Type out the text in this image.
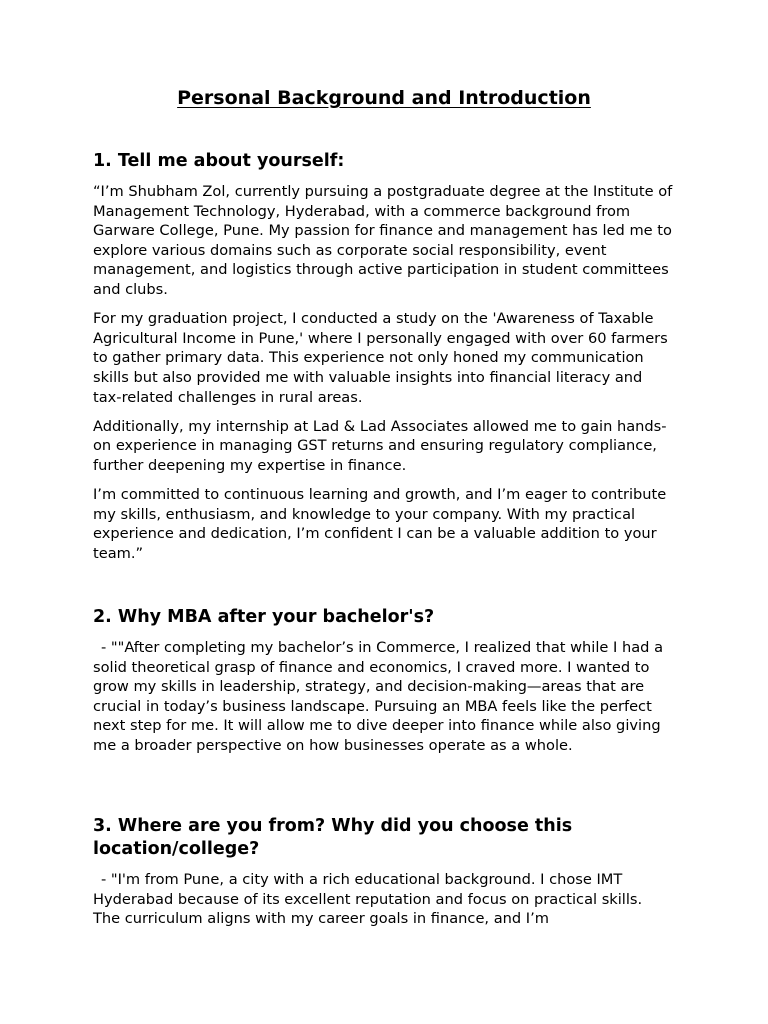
Personal Background and Introduction
1. Tell me about yourself:

“I’m Shubham Zol, currently pursuing a postgraduate degree at the Institute of Management Technology, Hyderabad, with a commerce background from Garware College, Pune. My passion for finance and management has led me to explore various domains such as corporate social responsibility, event management, and logistics through active participation in student committees and clubs.

For my graduation project, I conducted a study on the 'Awareness of Taxable Agricultural Income in Pune,' where I personally engaged with over 60 farmers to gather primary data. This experience not only honed my communication skills but also provided me with valuable insights into financial literacy and tax-related challenges in rural areas.

Additionally, my internship at Lad & Lad Associates allowed me to gain hands-on experience in managing GST returns and ensuring regulatory compliance, further deepening my expertise in finance.

I’m committed to continuous learning and growth, and I’m eager to contribute my skills, enthusiasm, and knowledge to your company. With my practical experience and dedication, I’m confident I can be a valuable addition to your team.”

2. Why MBA after your bachelor's?

- ""After completing my bachelor’s in Commerce, I realized that while I had a solid theoretical grasp of finance and economics, I craved more. I wanted to grow my skills in leadership, strategy, and decision-making—areas that are crucial in today’s business landscape. Pursuing an MBA feels like the perfect next step for me. It will allow me to dive deeper into finance while also giving me a broader perspective on how businesses operate as a whole.

3. Where are you from? Why did you choose this location/college?

- "I'm from Pune, a city with a rich educational background. I chose IMT Hyderabad because of its excellent reputation and focus on practical skills. The curriculum aligns with my career goals in finance, and I’m
